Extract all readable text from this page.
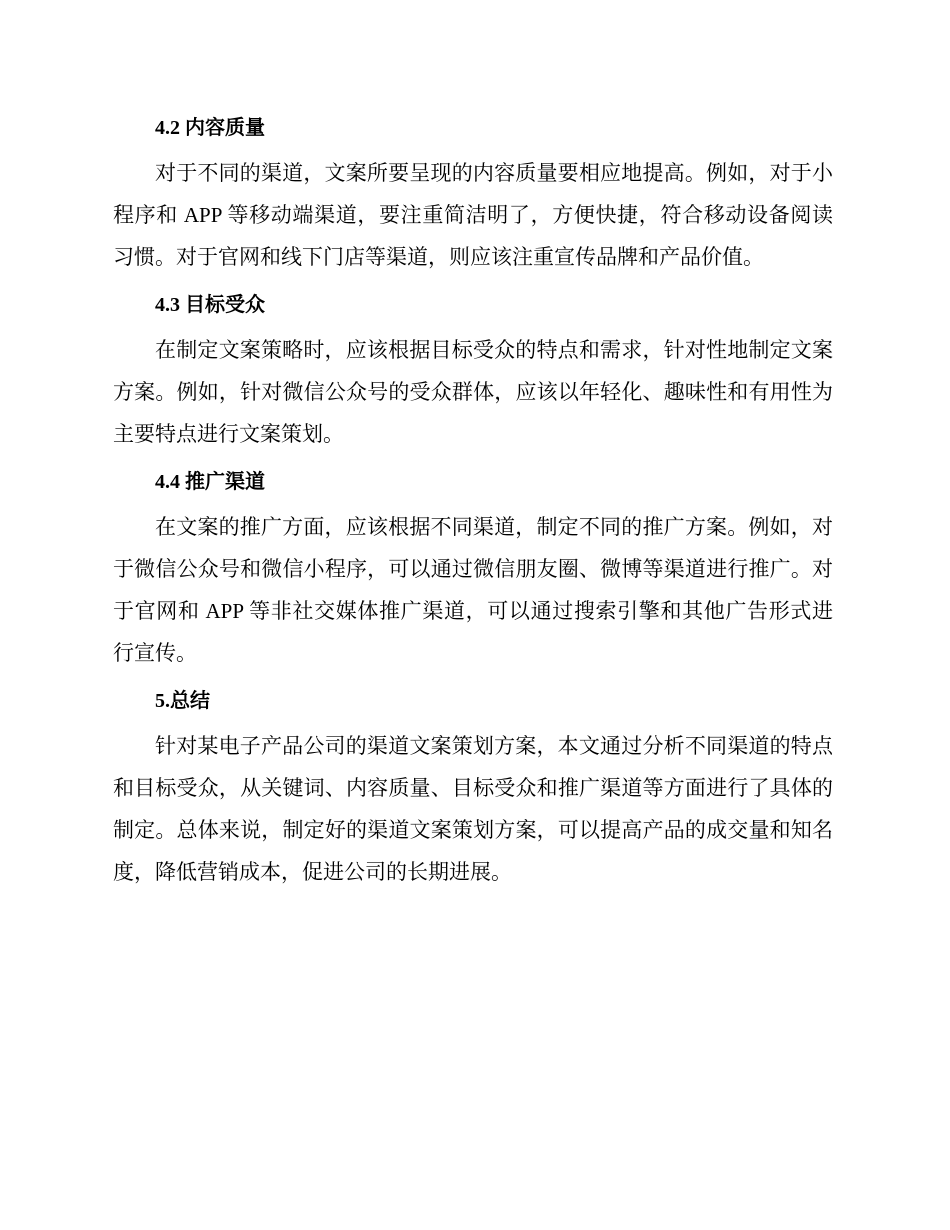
4.2 内容质量

对于不同的渠道，文案所要呈现的内容质量要相应地提高。例如，对于小程序和 APP 等移动端渠道，要注重简洁明了，方便快捷，符合移动设备阅读习惯。对于官网和线下门店等渠道，则应该注重宣传品牌和产品价值。

4.3 目标受众

在制定文案策略时，应该根据目标受众的特点和需求，针对性地制定文案方案。例如，针对微信公众号的受众群体，应该以年轻化、趣味性和有用性为主要特点进行文案策划。

4.4 推广渠道

在文案的推广方面，应该根据不同渠道，制定不同的推广方案。例如，对于微信公众号和微信小程序，可以通过微信朋友圈、微博等渠道进行推广。对于官网和 APP 等非社交媒体推广渠道，可以通过搜索引擎和其他广告形式进行宣传。

5.总结

针对某电子产品公司的渠道文案策划方案，本文通过分析不同渠道的特点和目标受众，从关键词、内容质量、目标受众和推广渠道等方面进行了具体的制定。总体来说，制定好的渠道文案策划方案，可以提高产品的成交量和知名度，降低营销成本，促进公司的长期进展。
